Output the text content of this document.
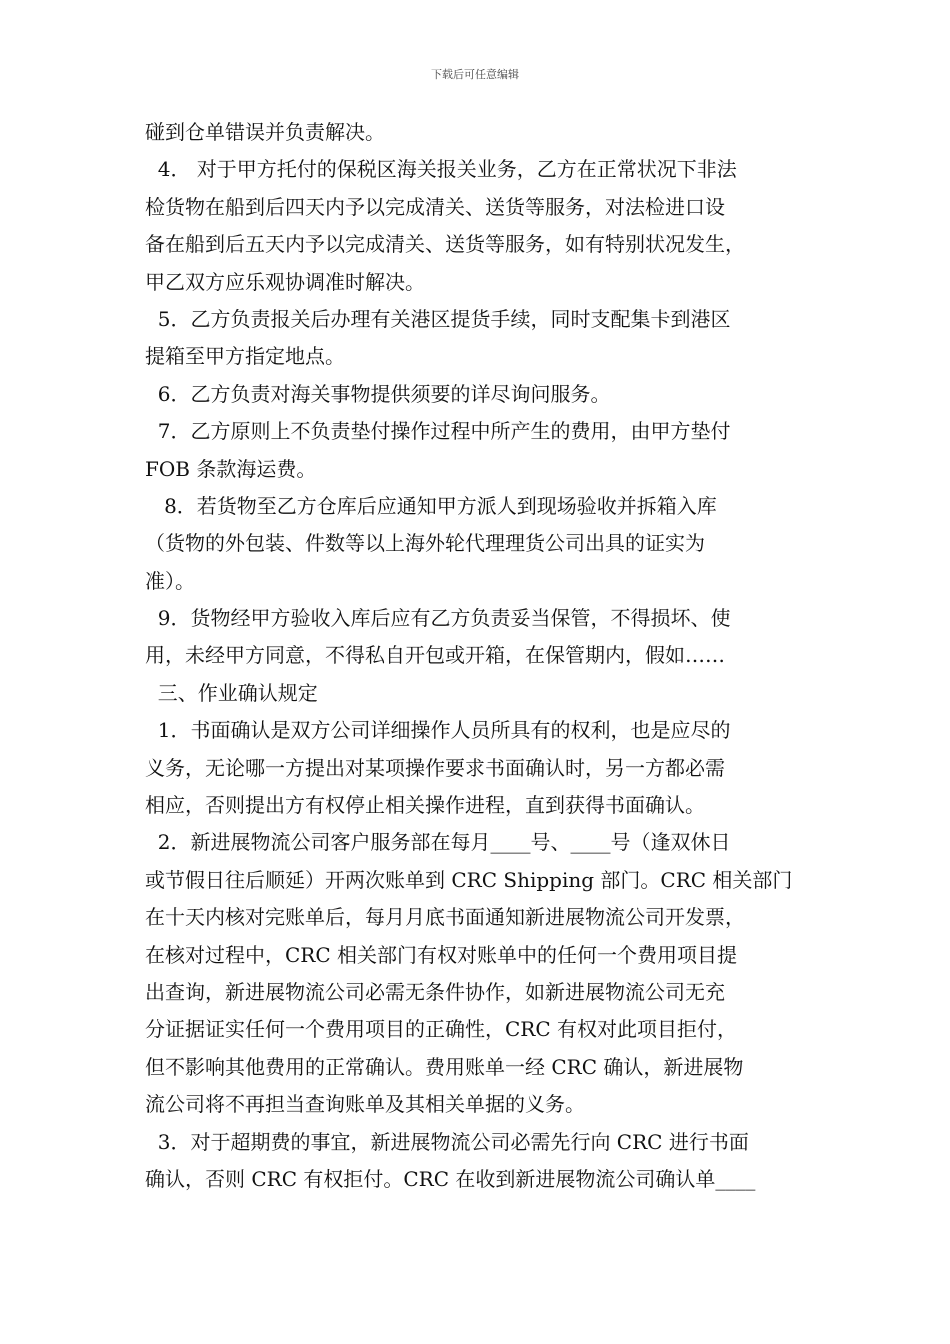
下载后可任意编辑
碰到仓单错误并负责解决。
4． 对于甲方托付的保税区海关报关业务，乙方在正常状况下非法
检货物在船到后四天内予以完成清关、送货等服务，对法检进口设
备在船到后五天内予以完成清关、送货等服务，如有特别状况发生，
甲乙双方应乐观协调准时解决。
5．乙方负责报关后办理有关港区提货手续，同时支配集卡到港区
提箱至甲方指定地点。
6．乙方负责对海关事物提供须要的详尽询问服务。
7．乙方原则上不负责垫付操作过程中所产生的费用，由甲方垫付
FOB 条款海运费。
8．若货物至乙方仓库后应通知甲方派人到现场验收并拆箱入库
（货物的外包装、件数等以上海外轮代理理货公司出具的证实为
准）。
9．货物经甲方验收入库后应有乙方负责妥当保管，不得损坏、使
用，未经甲方同意，不得私自开包或开箱，在保管期内，假如……
三、作业确认规定
1．书面确认是双方公司详细操作人员所具有的权利，也是应尽的
义务，无论哪一方提出对某项操作要求书面确认时，另一方都必需
相应，否则提出方有权停止相关操作进程，直到获得书面确认。
2．新进展物流公司客户服务部在每月____号、____号（逢双休日
或节假日往后顺延）开两次账单到 CRC Shipping 部门。CRC 相关部门
在十天内核对完账单后，每月月底书面通知新进展物流公司开发票，
在核对过程中，CRC 相关部门有权对账单中的任何一个费用项目提
出查询，新进展物流公司必需无条件协作，如新进展物流公司无充
分证据证实任何一个费用项目的正确性，CRC 有权对此项目拒付，
但不影响其他费用的正常确认。费用账单一经 CRC 确认，新进展物
流公司将不再担当查询账单及其相关单据的义务。
3．对于超期费的事宜，新进展物流公司必需先行向 CRC 进行书面
确认，否则 CRC 有权拒付。CRC 在收到新进展物流公司确认单____
